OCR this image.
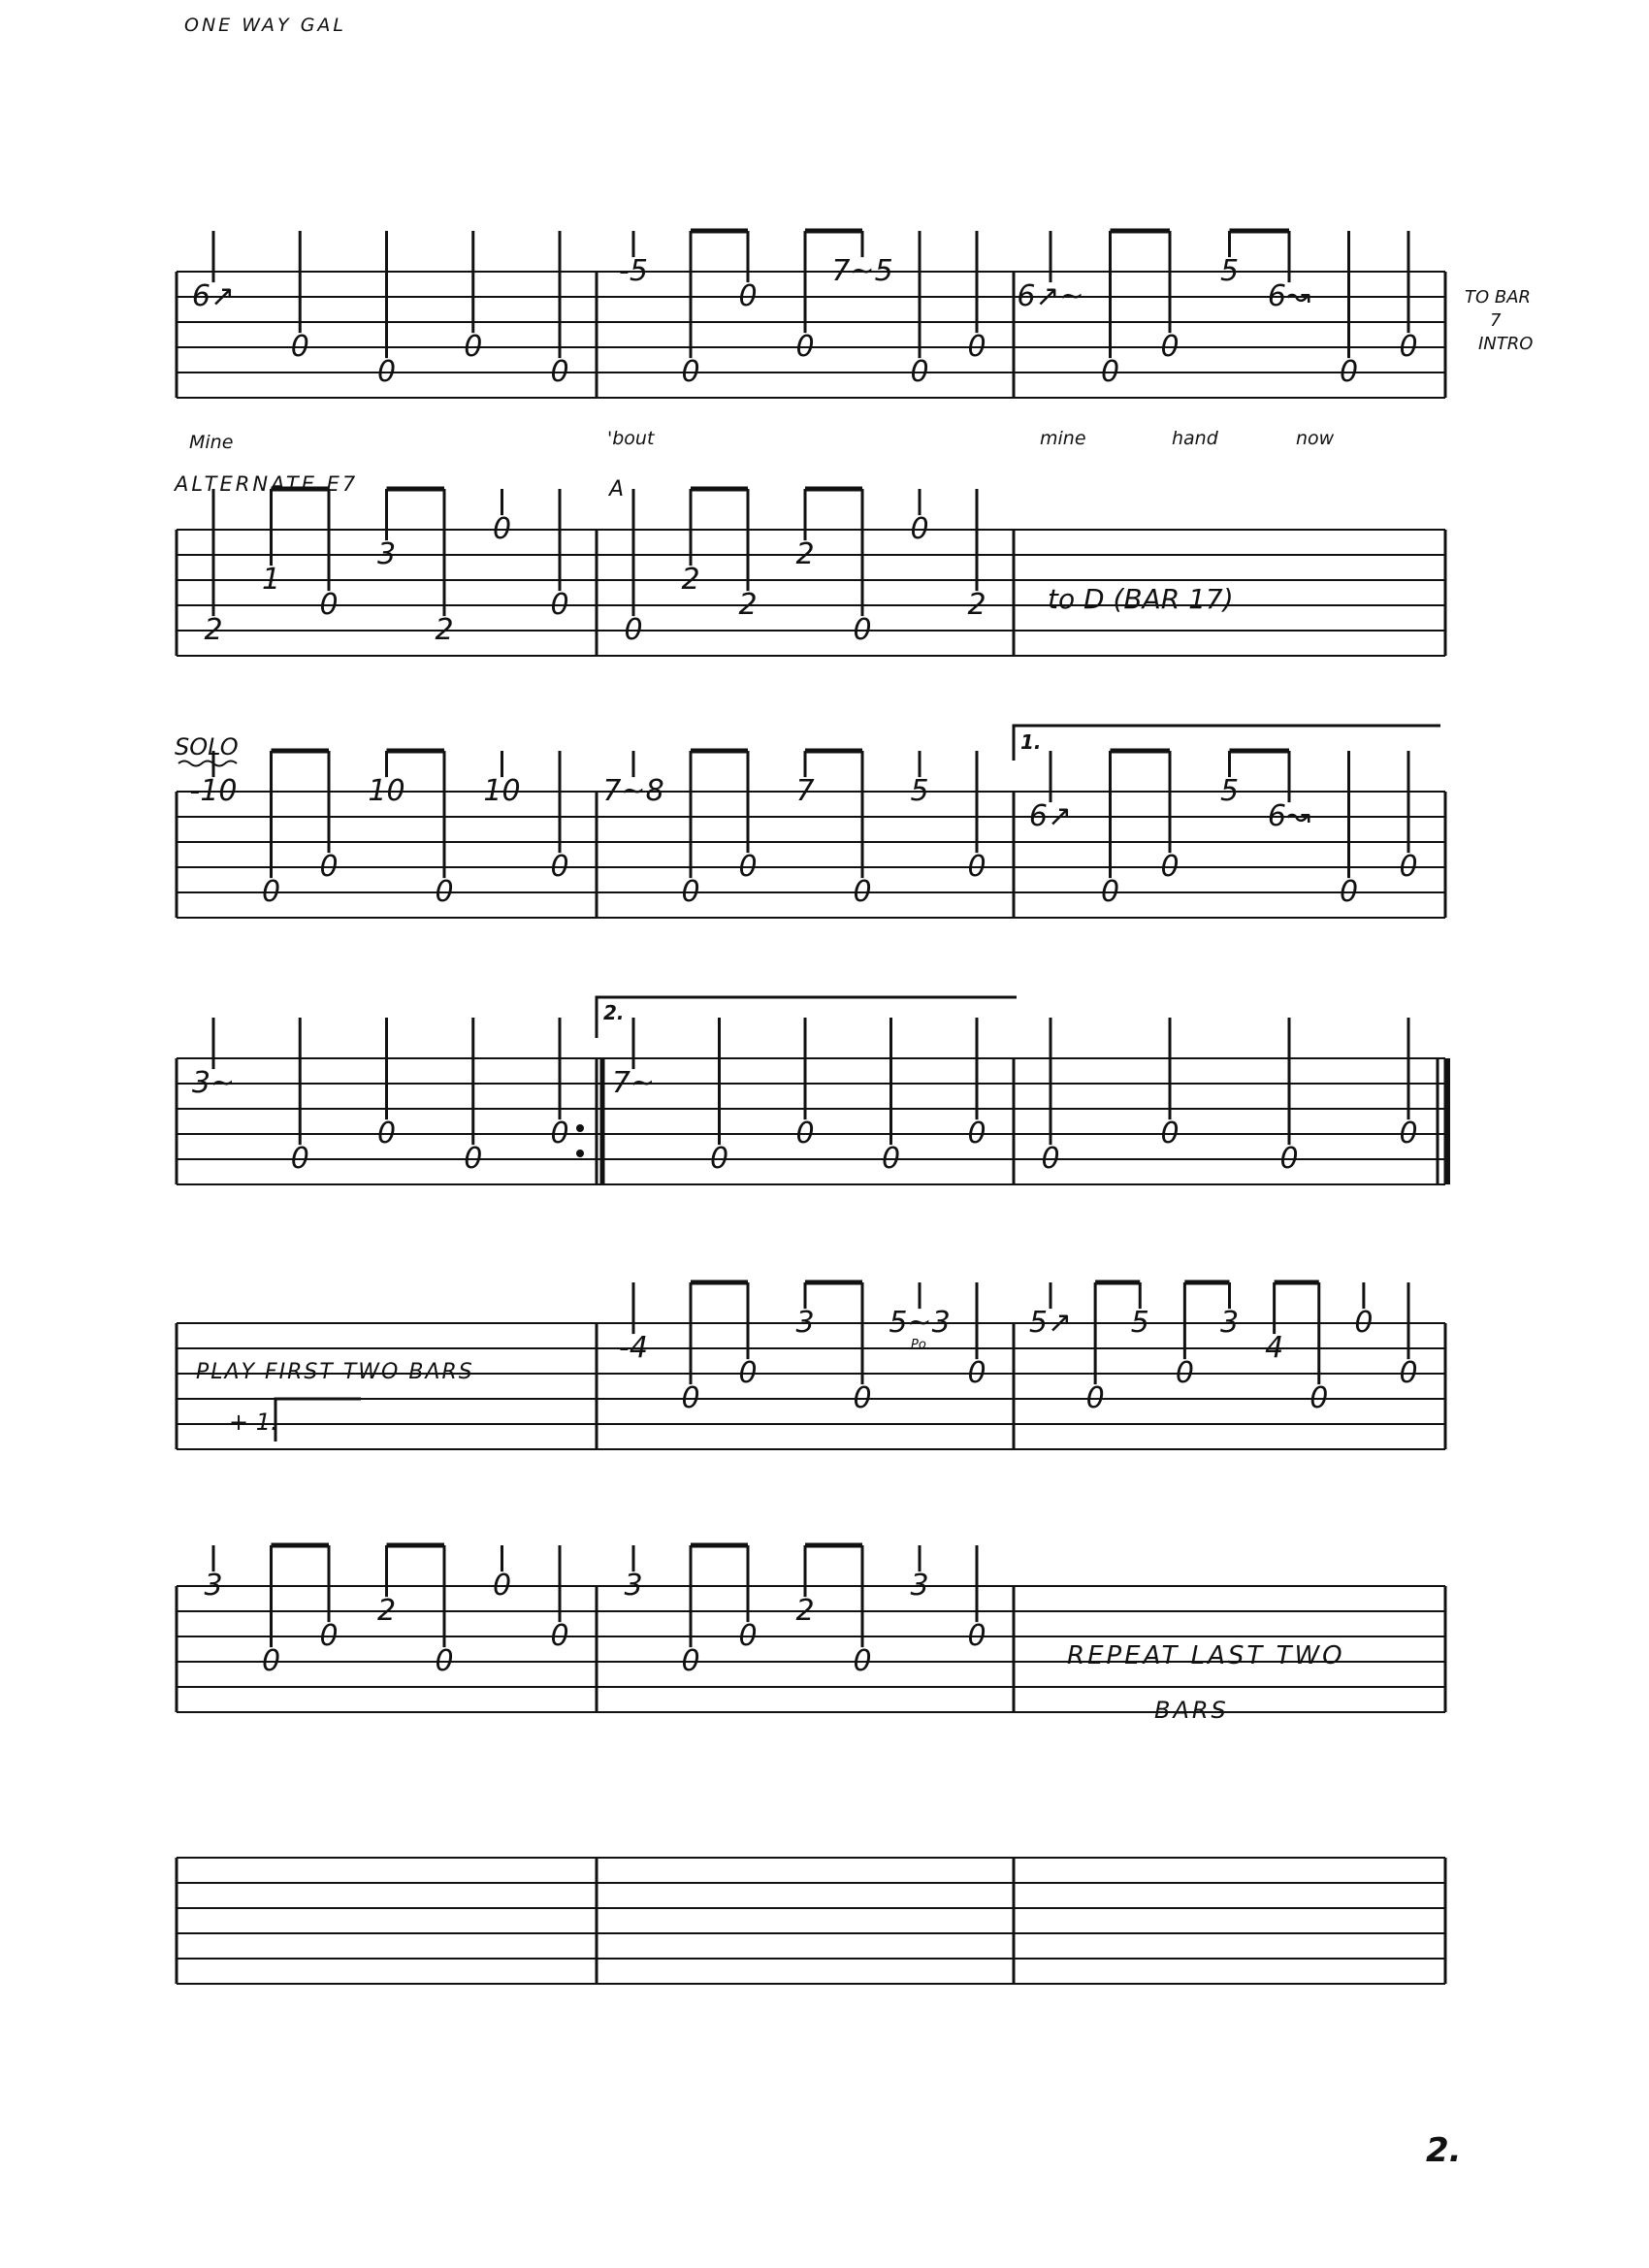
6↗
0
0
0
0
-5
0
0
0
7~5
0
0
6↗~
0
0
5
6↝
0
0
2
1
0
3
2
0
0
0
2
2
2
0
0
2
-10
0
0
10
0
10
0
7~8
0
0
7
0
5
0
6↗
0
0
5
6↝
0
0
3~
0
0
0
0
7~
0
0
0
0
0
0
0
0
-4
0
0
3
0
5~3
0
5↗
0
5
0
3
4
0
0
0
3
0
0
2
0
0
0
3
0
0
2
0
3
0
ONE WAY GAL
2.
TO BAR
7
INTRO
Mine	'bout	mine	hand	now
ALTERNATE E7	A
to D (BAR 17)
SOLO	1.
2.
PLAY FIRST TWO BARS
+ 1.
Po
REPEAT LAST TWO
BARS
